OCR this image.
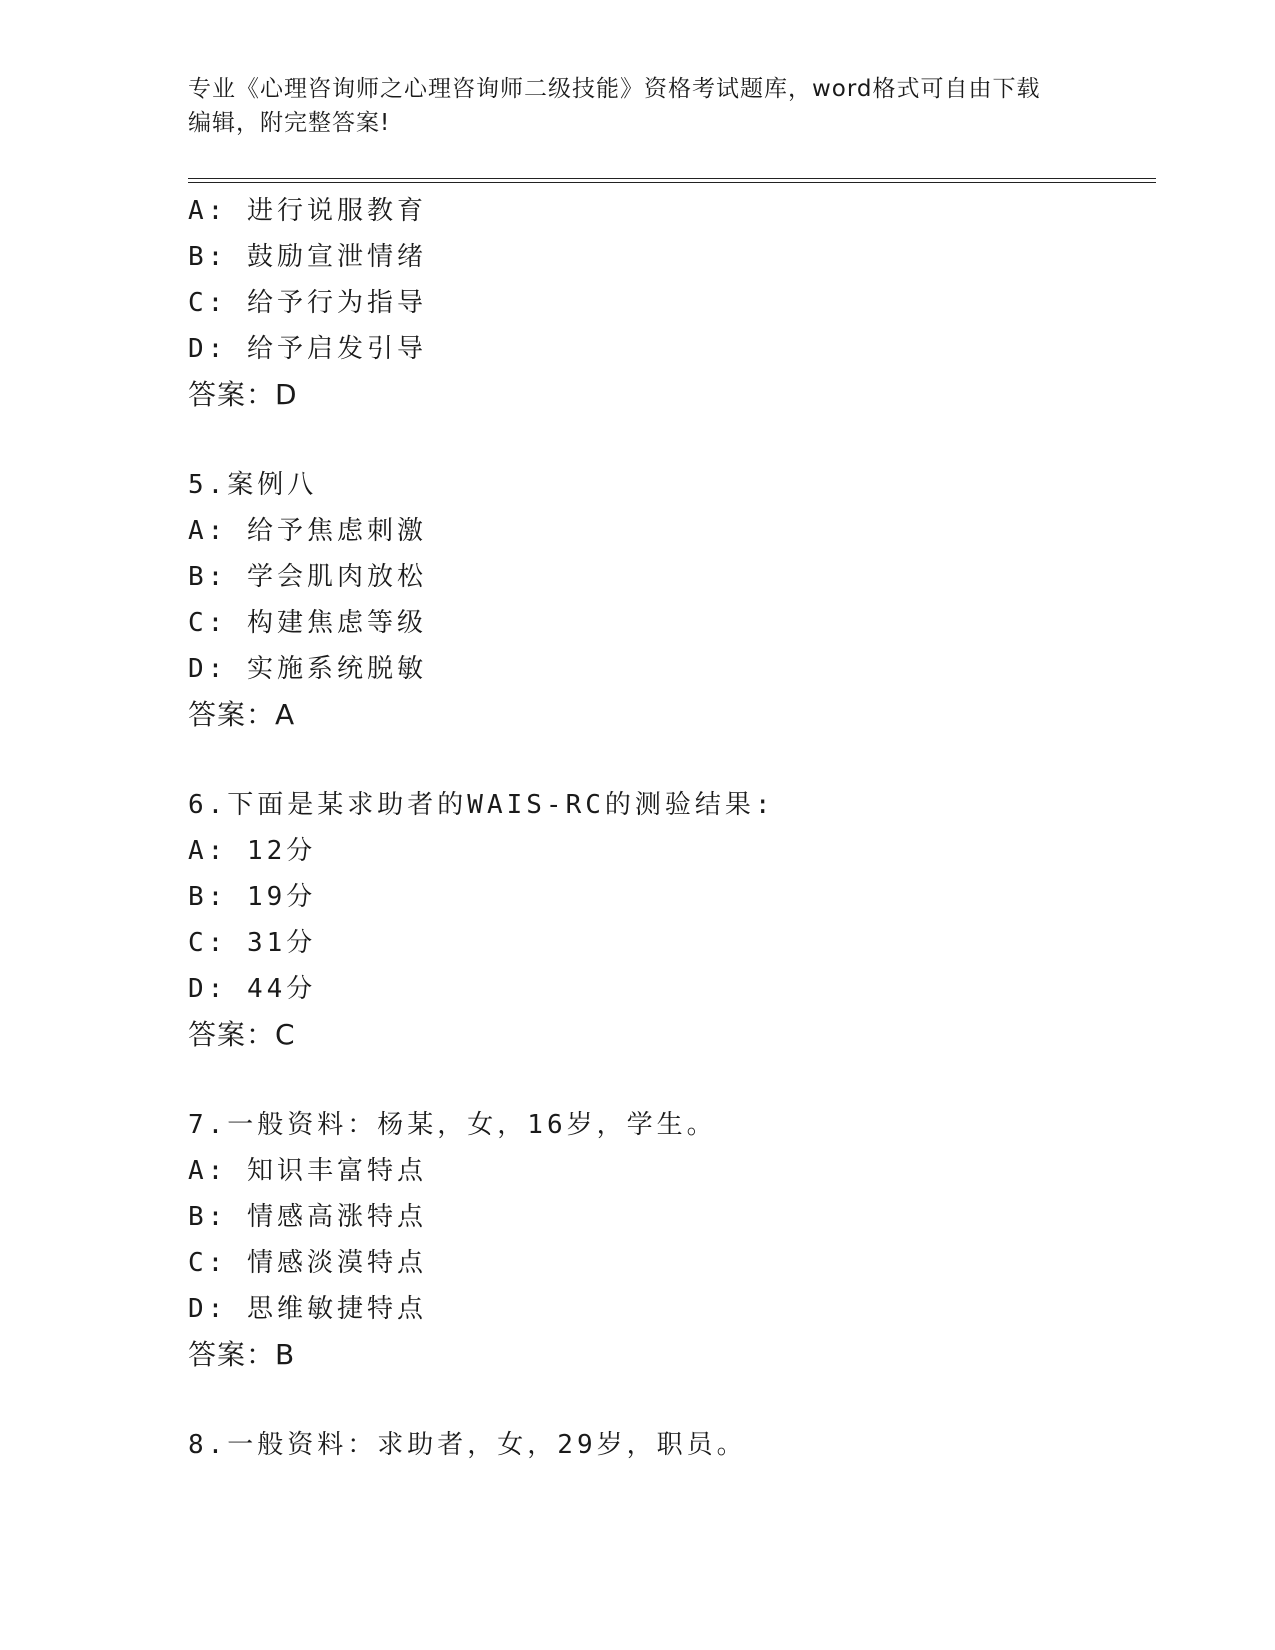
专业《心理咨询师之心理咨询师二级技能》资格考试题库，word格式可自由下载
编辑，附完整答案!
A: 进行说服教育
B: 鼓励宣泄情绪
C: 给予行为指导
D: 给予启发引导
答案：D
5.案例八
A: 给予焦虑刺激
B: 学会肌肉放松
C: 构建焦虑等级
D: 实施系统脱敏
答案：A
6.下面是某求助者的WAIS-RC的测验结果:
A: 12分
B: 19分
C: 31分
D: 44分
答案：C
7.一般资料：杨某，女，16岁，学生。
A: 知识丰富特点
B: 情感高涨特点
C: 情感淡漠特点
D: 思维敏捷特点
答案：B
8.一般资料：求助者，女，29岁，职员。
